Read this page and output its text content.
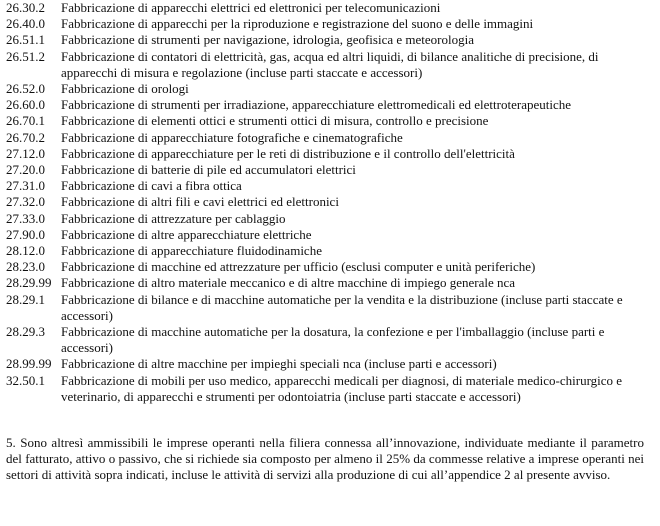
26.30.2	Fabbricazione di apparecchi elettrici ed elettronici per telecomunicazioni
26.40.0	Fabbricazione di apparecchi per la riproduzione e registrazione del suono e delle immagini
26.51.1	Fabbricazione di strumenti per navigazione, idrologia, geofisica e meteorologia
26.51.2	Fabbricazione di contatori di elettricità, gas, acqua ed altri liquidi, di bilance analitiche di precisione, di apparecchi di misura e regolazione (incluse parti staccate e accessori)
26.52.0	Fabbricazione di orologi
26.60.0	Fabbricazione di strumenti per irradiazione, apparecchiature elettromedicali ed elettroterapeutiche
26.70.1	Fabbricazione di elementi ottici e strumenti ottici di misura, controllo e precisione
26.70.2	Fabbricazione di apparecchiature fotografiche e cinematografiche
27.12.0	Fabbricazione di apparecchiature per le reti di distribuzione e il controllo dell'elettricità
27.20.0	Fabbricazione di batterie di pile ed accumulatori elettrici
27.31.0	Fabbricazione di cavi a fibra ottica
27.32.0	Fabbricazione di altri fili e cavi elettrici ed elettronici
27.33.0	Fabbricazione di attrezzature per cablaggio
27.90.0	Fabbricazione di altre apparecchiature elettriche
28.12.0	Fabbricazione di apparecchiature fluidodinamiche
28.23.0	Fabbricazione di macchine ed attrezzature per ufficio (esclusi computer e unità periferiche)
28.29.99 Fabbricazione di altro materiale meccanico e di altre macchine di impiego generale nca
28.29.1	Fabbricazione di bilance e di macchine automatiche per la vendita e la distribuzione (incluse parti staccate e accessori)
28.29.3	Fabbricazione di macchine automatiche per la dosatura, la confezione e per l'imballaggio (incluse parti e accessori)
28.99.99 Fabbricazione di altre macchine per impieghi speciali nca (incluse parti e accessori)
32.50.1	Fabbricazione di mobili per uso medico, apparecchi medicali per diagnosi, di materiale medico-chirurgico e veterinario, di apparecchi e strumenti per odontoiatria (incluse parti staccate e accessori)

5. Sono altresì ammissibili le imprese operanti nella filiera connessa all’innovazione, individuate mediante il parametro del fatturato, attivo o passivo, che si richiede sia composto per almeno il 25% da commesse relative a imprese operanti nei settori di attività sopra indicati, incluse le attività di servizi alla produzione di cui all’appendice 2 al presente avviso.
